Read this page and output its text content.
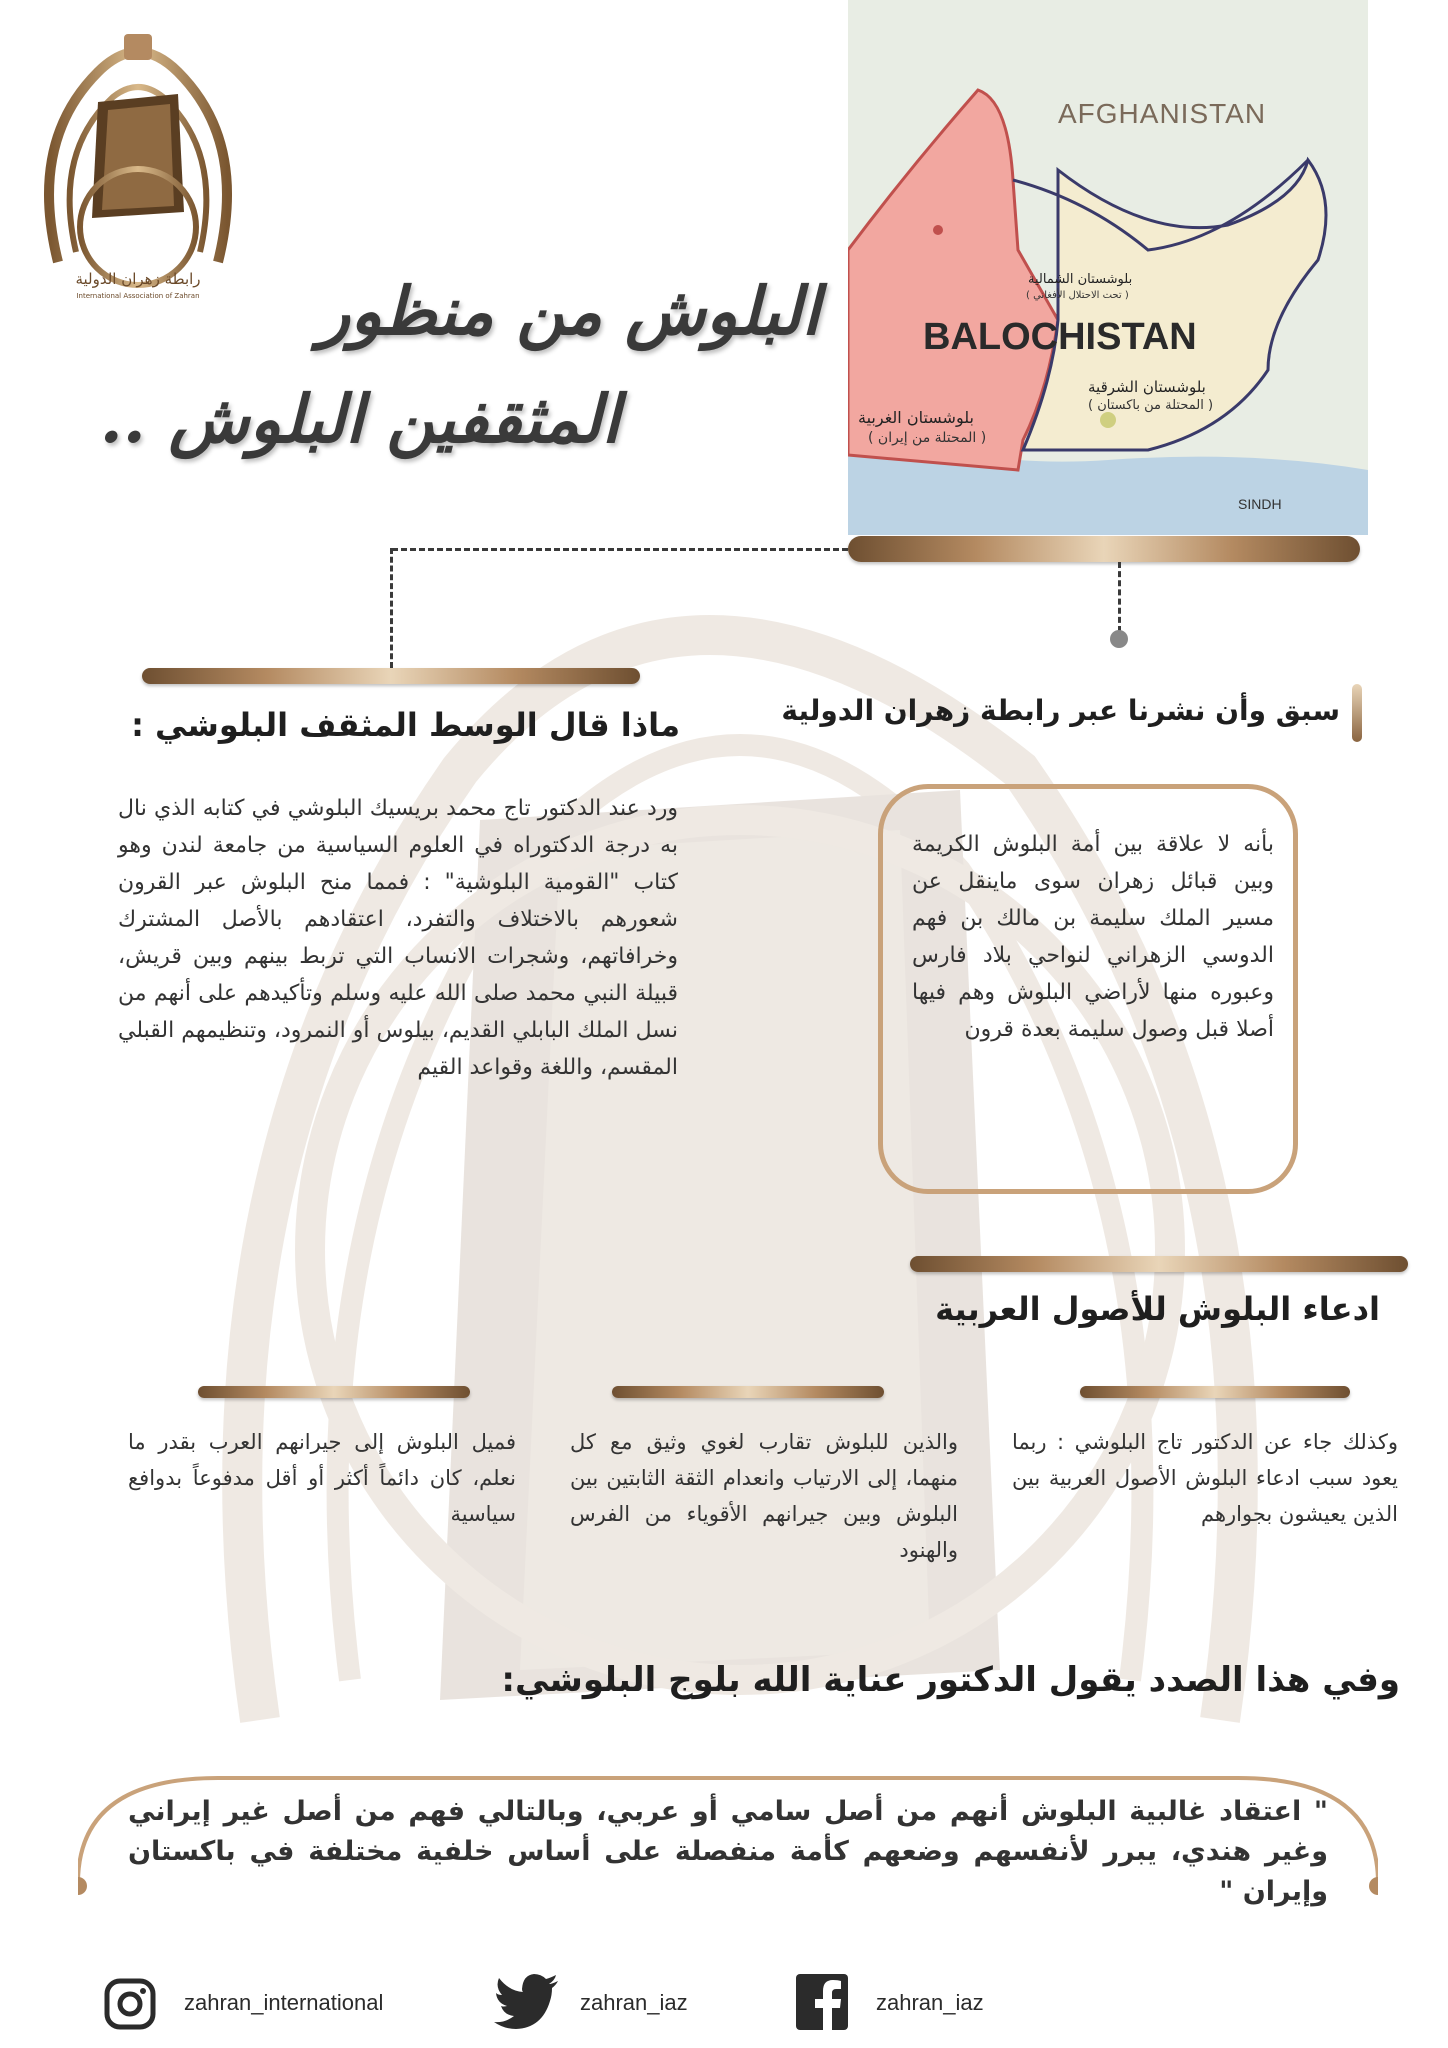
رابطة زهران الدولية
International Association of Zahran البلوش من منظور
المثقفين البلوش ..
AFGHANISTAN
BALOCHISTAN
بلوشستان الشمالية
( تحت الاحتلال الأفغاني )
بلوشستان الشرقية
( المحتلة من باكستان )
بلوشستان الغربية
( المحتلة من إيران )
SINDH
ماذا قال الوسط المثقف البلوشي :
ورد عند الدكتور تاج محمد بريسيك البلوشي في كتابه الذي نال به درجة الدكتوراه في العلوم السياسية من جامعة لندن وهو كتاب "القومية البلوشية" : فمما منح البلوش عبر القرون شعورهم بالاختلاف والتفرد، اعتقادهم بالأصل المشترك وخرافاتهم، وشجرات الانساب التي تربط بينهم وبين قريش، قبيلة النبي محمد صلى الله عليه وسلم وتأكيدهم على أنهم من نسل الملك البابلي القديم، بيلوس أو النمرود، وتنظيمهم القبلي المقسم، واللغة وقواعد القيم
سبق وأن نشرنا عبر رابطة زهران الدولية
بأنه لا علاقة بين أمة البلوش الكريمة وبين قبائل زهران سوى ماينقل عن مسير الملك سليمة بن مالك بن فهم الدوسي الزهراني لنواحي بلاد فارس وعبوره منها لأراضي البلوش وهم فيها أصلا قبل وصول سليمة بعدة قرون
ادعاء البلوش للأصول العربية
وكذلك جاء عن الدكتور تاج البلوشي : ربما يعود سبب ادعاء البلوش الأصول العربية بين الذين يعيشون بجوارهم
والذين للبلوش تقارب لغوي وثيق مع كل منهما، إلى الارتياب وانعدام الثقة الثابتين بين البلوش وبين جيرانهم الأقوياء من الفرس والهنود
فميل البلوش إلى جيرانهم العرب بقدر ما نعلم، كان دائماً أكثر أو أقل مدفوعاً بدوافع سياسية
وفي هذا الصدد يقول الدكتور عناية الله بلوج البلوشي:
" اعتقاد غالبية البلوش أنهم من أصل سامي أو عربي، وبالتالي فهم من أصل غير إيراني وغير هندي، يبرر لأنفسهم وضعهم كأمة منفصلة على أساس خلفية مختلفة في باكستان وإيران "
zahran_international	zahran_iaz	zahran_iaz
